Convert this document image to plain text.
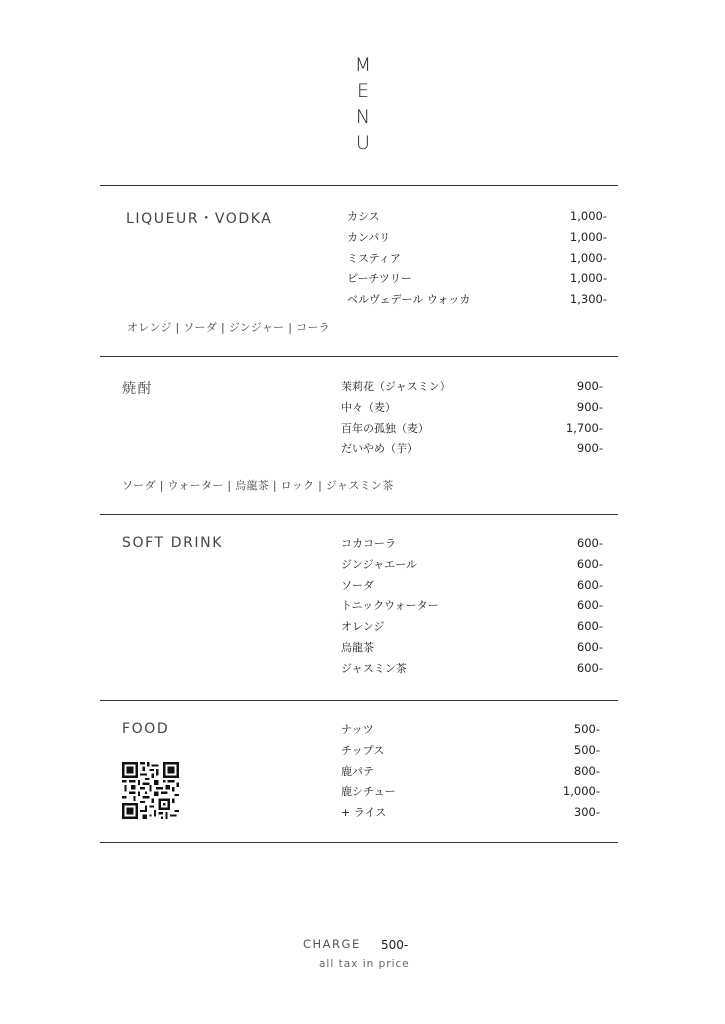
M
E
N
U
LIQUEUR・VODKA	カシス	1,000-
カンパリ	1,000-
ミスティア	1,000-
ピーチツリー	1,000-
ベルヴェデール ウォッカ	1,300-
オレンジ | ソーダ | ジンジャー | コーラ
焼酎	茉莉花（ジャスミン）	900-
中々（麦）	900-
百年の孤独（麦）	1,700-
だいやめ（芋）	900-
ソーダ | ウォーター | 烏龍茶 | ロック | ジャスミン茶
SOFT DRINK	コカコーラ	600-
ジンジャエール	600-
ソーダ	600-
トニックウォーター	600-
オレンジ	600-
烏龍茶	600-
ジャスミン茶	600-
FOOD	ナッツ	500-
チップス	500-
鹿パテ	800-
鹿シチュー	1,000-
+ ライス	300-
CHARGE 500-
all tax in price
